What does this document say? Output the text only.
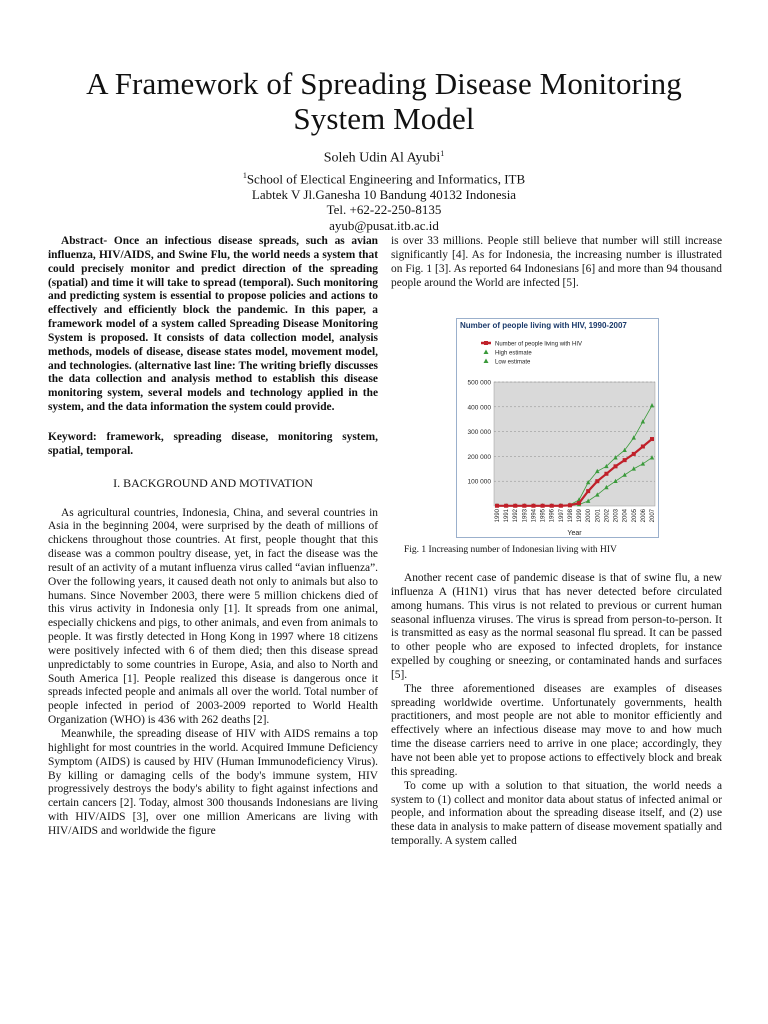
A Framework of Spreading Disease Monitoring
System Model
Soleh Udin Al Ayubi$^1$
$^1$School of Electical Engineering and Informatics, ITB
Labtek V Jl.Ganesha 10 Bandung 40132 Indonesia
Tel. +62-22-250-8135
ayub@pusat.itb.ac.id

Abstract- Once an infectious disease spreads, such as avian influenza, HIV/AIDS, and Swine Flu, the world needs a system that could precisely monitor and predict direction of the spreading (spatial) and time it will take to spread (temporal). Such monitoring and predicting system is essential to propose policies and actions to effectively and efficiently block the pandemic. In this paper, a framework model of a system called Spreading Disease Monitoring System is proposed. It consists of data collection model, analysis methods, models of disease, disease states model, movement model, and technologies. (alternative last line: The writing briefly discusses the data collection and analysis method to establish this disease monitoring system, several models and technology applied in the system, and the data information the system could provide.

Keyword: framework, spreading disease, monitoring system, spatial, temporal.

I. BACKGROUND AND MOTIVATION

As agricultural countries, Indonesia, China, and several countries in Asia in the beginning 2004, were surprised by the death of millions of chickens throughout those countries. At first, people thought that this disease was a common poultry disease, yet, in fact the disease was the result of an activity of a mutant influenza virus called “avian influenza”. Over the following years, it caused death not only to animals but also to humans. Since November 2003, there were 5 million chickens died of this virus activity in Indonesia only [1]. It spreads from one animal, especially chickens and pigs, to other animals, and even from animals to people. It was firstly detected in Hong Kong in 1997 where 18 citizens were positively infected with 6 of them died; then this disease spread unpredictably to some countries in Europe, Asia, and also to North and South America [1]. People realized this disease is dangerous once it spreads infected people and animals all over the world. Total number of people infected in period of 2003-2009 reported to World Health Organization (WHO) is 436 with 262 deaths [2].

Meanwhile, the spreading disease of HIV with AIDS remains a top highlight for most countries in the world. Acquired Immune Deficiency Symptom (AIDS) is caused by HIV (Human Immunodeficiency Virus). By killing or damaging cells of the body's immune system, HIV progressively destroys the body's ability to fight against infections and certain cancers [2]. Today, almost 300 thousands Indonesians are living with HIV/AIDS [3], over one million Americans are living with HIV/AIDS and worldwide the figure

is over 33 millions. People still believe that number will still increase significantly [4]. As for Indonesia, the increasing number is illustrated on Fig. 1 [3]. As reported 64 Indonesians [6] and more than 94 thousand people around the World are infected [5].

Number of people living with HIV, 1990-2007
Number of people living with HIV
High estimate
Low estimate
100 000
200 000
300 000
400 000
500 000
1990 1991 1992 1993 1994 1995 1996 1997 1998 1999 2000 2001 2002 2003 2004 2005 2006 2007
Year
Fig. 1 Increasing number of Indonesian living with HIV

Another recent case of pandemic disease is that of swine flu, a new influenza A (H1N1) virus that has never detected before circulated among humans. This virus is not related to previous or current human seasonal influenza viruses. The virus is spread from person-to-person. It is transmitted as easy as the normal seasonal flu spread. It can be passed to other people who are exposed to infected droplets, for instance expelled by coughing or sneezing, or contaminated hands and surfaces [5].

The three aforementioned diseases are examples of diseases spreading worldwide overtime. Unfortunately governments, health practitioners, and most people are not able to monitor efficiently and effectively where an infectious disease may move to and how much time the disease carriers need to arrive in one place; accordingly, they have not been able yet to propose actions to effectively block and break this spreading.

To come up with a solution to that situation, the world needs a system to (1) collect and monitor data about status of infected animal or people, and information about the spreading disease itself, and (2) use these data in analysis to make pattern of disease movement spatially and temporally. A system called
